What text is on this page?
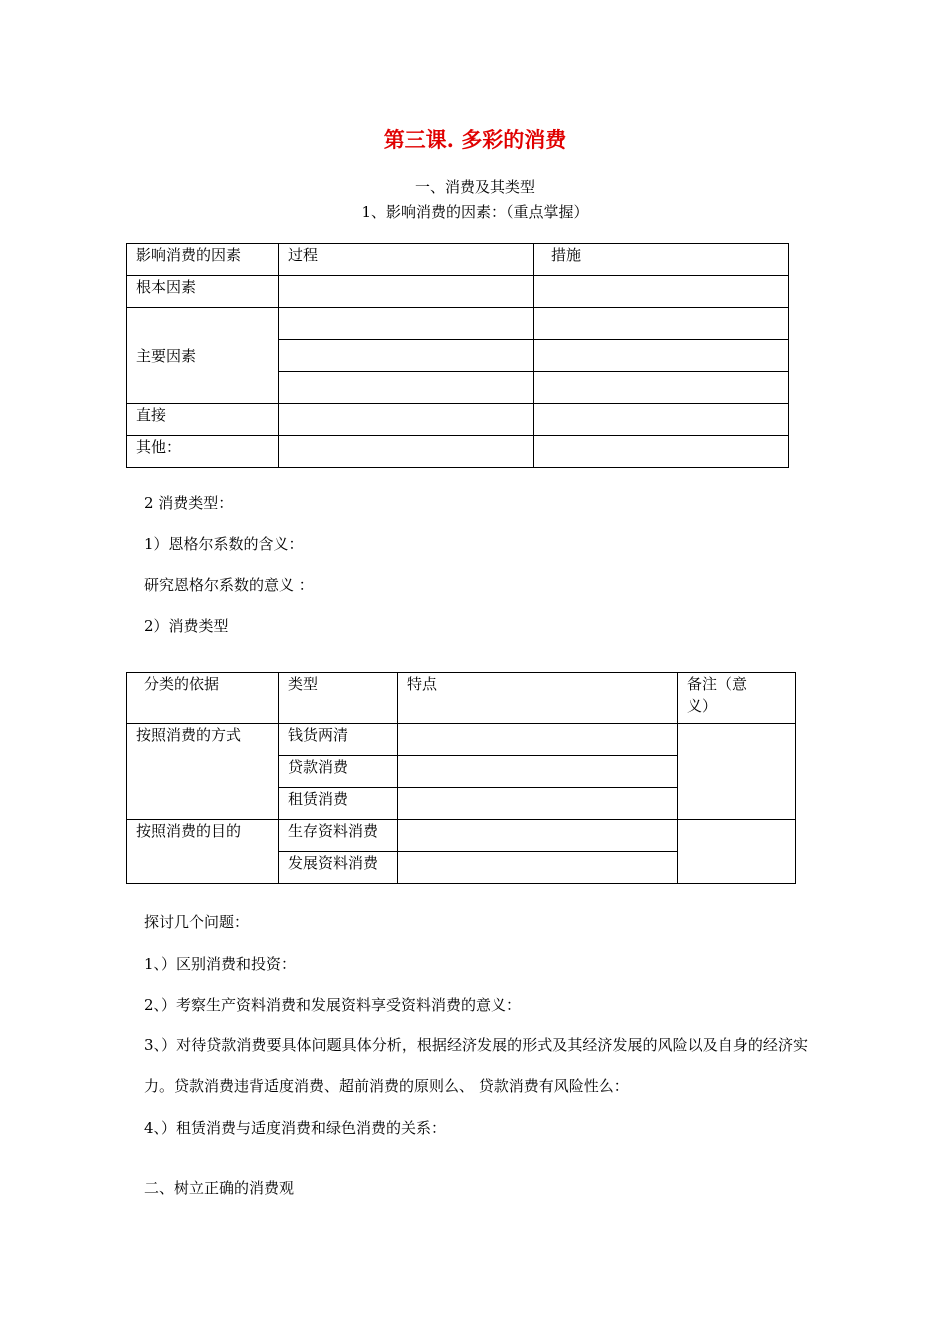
第三课. 多彩的消费
一、消费及其类型
1、影响消费的因素：（重点掌握）
影响消费的因素	过程	措施
根本因素		
主要因素		

直接		
其他：		
2 消费类型：
1）恩格尔系数的含义：
研究恩格尔系数的意义 ：
2）消费类型
分类的依据	类型	特点	备注（意义）
按照消费的方式	钱货两清		
	贷款消费		
	租赁消费		
按照消费的目的	生存资料消费		
	发展资料消费		
探讨几个问题：
1、）区别消费和投资：
2、）考察生产资料消费和发展资料享受资料消费的意义：
3、）对待贷款消费要具体问题具体分析，根据经济发展的形式及其经济发展的风险以及自身的经济实力。贷款消费违背适度消费、超前消费的原则么、 贷款消费有风险性么：
4、）租赁消费与适度消费和绿色消费的关系：
二、树立正确的消费观
